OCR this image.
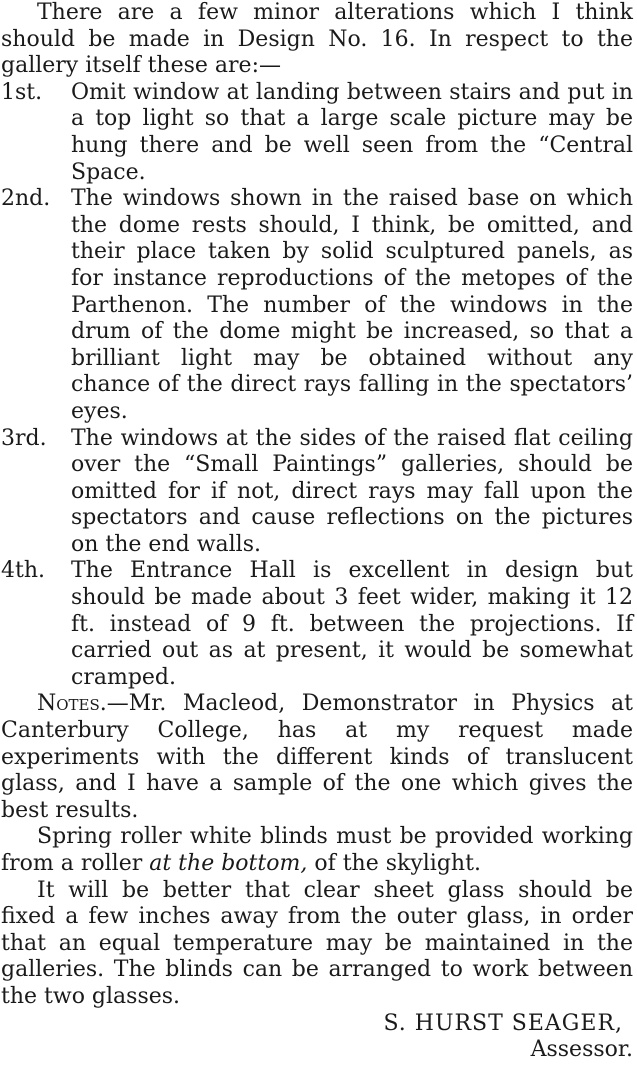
There are a few minor alterations which I think should be made in Design No. 16. In respect to the gallery itself these are:—

1st.	Omit window at landing between stairs and put in a top light so that a large scale picture may be hung there and be well seen from the “Central Space.
2nd. The windows shown in the raised base on which the dome rests should, I think, be omitted, and their place taken by solid sculptured panels, as for instance reproductions of the metopes of the Parthenon. The number of the windows in the drum of the dome might be increased, so that a brilliant light may be obtained without any chance of the direct rays falling in the spectators’ eyes.
3rd.	The windows at the sides of the raised flat ceiling over the “Small Paintings” galleries, should be omitted for if not, direct rays may fall upon the spectators and cause reflections on the pictures on the end walls.
4th.	The Entrance Hall is excellent in design but should be made about 3 feet wider, making it 12 ft. instead of 9 ft. between the projections. If carried out as at present, it would be somewhat cramped.

Notes.—Mr. Macleod, Demonstrator in Physics at Canterbury College, has at my request made experiments with the different kinds of translucent glass, and I have a sample of the one which gives the best results.

Spring roller white blinds must be provided working from a roller at the bottom, of the skylight.

It will be better that clear sheet glass should be fixed a few inches away from the outer glass, in order that an equal temperature may be maintained in the galleries. The blinds can be arranged to work between the two glasses.

S. HURST SEAGER,

Assessor.
